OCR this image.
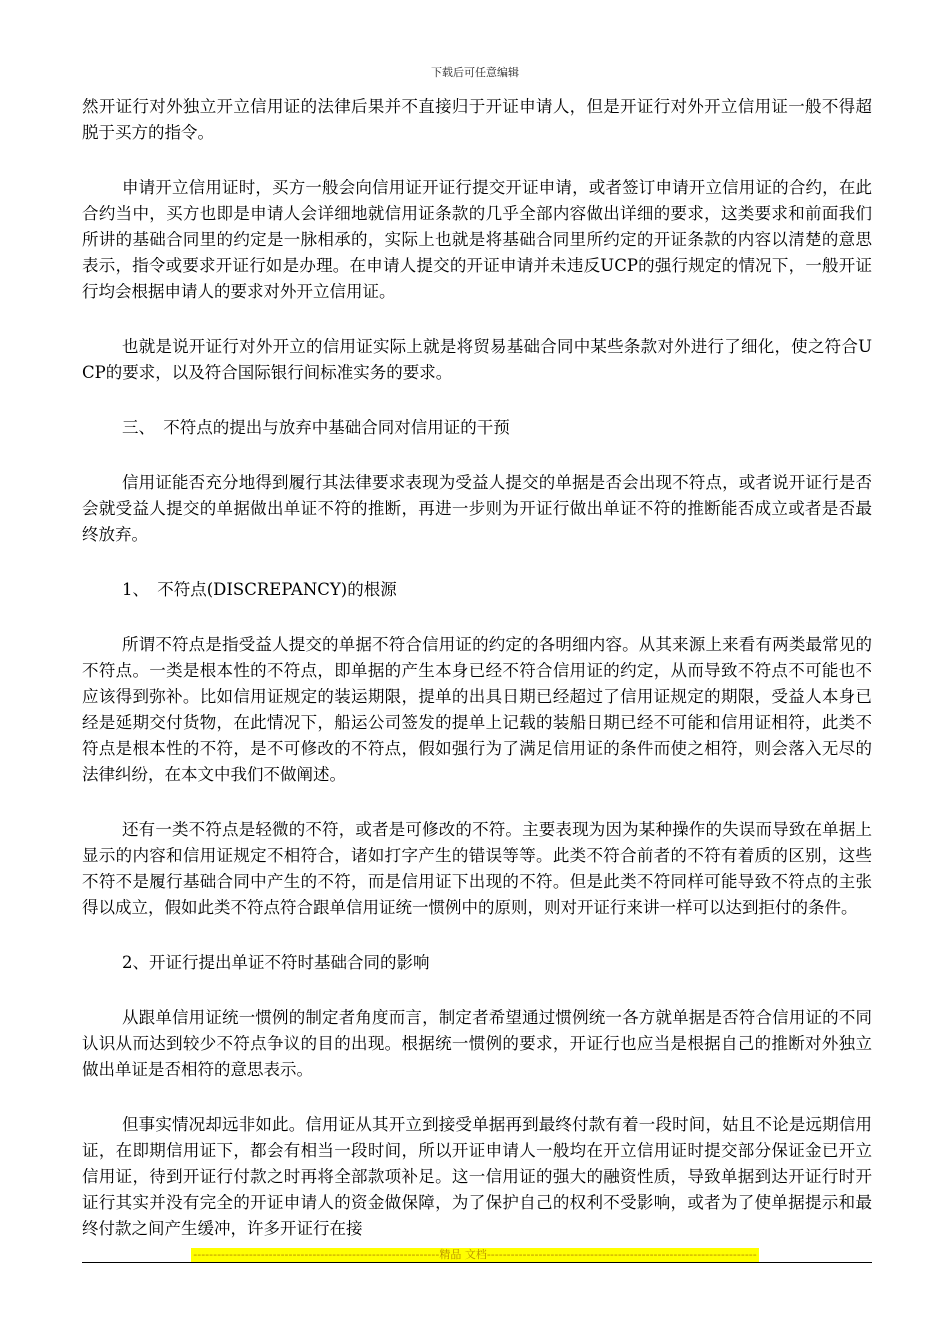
下载后可任意编辑

然开证行对外独立开立信用证的法律后果并不直接归于开证申请人，但是开证行对外开立信用证一般不得超脱于买方的指令。

申请开立信用证时，买方一般会向信用证开证行提交开证申请，或者签订申请开立信用证的合约，在此合约当中，买方也即是申请人会详细地就信用证条款的几乎全部内容做出详细的要求，这类要求和前面我们所讲的基础合同里的约定是一脉相承的，实际上也就是将基础合同里所约定的开证条款的内容以清楚的意思表示，指令或要求开证行如是办理。在申请人提交的开证申请并未违反UCP的强行规定的情况下，一般开证行均会根据申请人的要求对外开立信用证。

也就是说开证行对外开立的信用证实际上就是将贸易基础合同中某些条款对外进行了细化，使之符合UCP的要求，以及符合国际银行间标准实务的要求。

三、　不符点的提出与放弃中基础合同对信用证的干预

信用证能否充分地得到履行其法律要求表现为受益人提交的单据是否会出现不符点，或者说开证行是否会就受益人提交的单据做出单证不符的推断，再进一步则为开证行做出单证不符的推断能否成立或者是否最终放弃。

1、　不符点(DISCREPANCY)的根源

所谓不符点是指受益人提交的单据不符合信用证的约定的各明细内容。从其来源上来看有两类最常见的不符点。一类是根本性的不符点，即单据的产生本身已经不符合信用证的约定，从而导致不符点不可能也不应该得到弥补。比如信用证规定的装运期限，提单的出具日期已经超过了信用证规定的期限，受益人本身已经是延期交付货物，在此情况下，船运公司签发的提单上记载的装船日期已经不可能和信用证相符，此类不符点是根本性的不符，是不可修改的不符点，假如强行为了满足信用证的条件而使之相符，则会落入无尽的法律纠纷，在本文中我们不做阐述。

还有一类不符点是轻微的不符，或者是可修改的不符。主要表现为因为某种操作的失误而导致在单据上显示的内容和信用证规定不相符合，诸如打字产生的错误等等。此类不符合前者的不符有着质的区别，这些不符不是履行基础合同中产生的不符，而是信用证下出现的不符。但是此类不符同样可能导致不符点的主张得以成立，假如此类不符点符合跟单信用证统一惯例中的原则，则对开证行来讲一样可以达到拒付的条件。

2、开证行提出单证不符时基础合同的影响

从跟单信用证统一惯例的制定者角度而言，制定者希望通过惯例统一各方就单据是否符合信用证的不同认识从而达到较少不符点争议的目的出现。根据统一惯例的要求，开证行也应当是根据自己的推断对外独立做出单证是否相符的意思表示。

但事实情况却远非如此。信用证从其开立到接受单据再到最终付款有着一段时间，姑且不论是远期信用证，在即期信用证下，都会有相当一段时间，所以开证申请人一般均在开立信用证时提交部分保证金已开立信用证，待到开证行付款之时再将全部款项补足。这一信用证的强大的融资性质，导致单据到达开证行时开证行其实并没有完全的开证申请人的资金做保障，为了保护自己的权利不受影响，或者为了使单据提示和最终付款之间产生缓冲，许多开证行在接

--------------------------------------------------------------精品 文档--------------------------------------------------------------------
